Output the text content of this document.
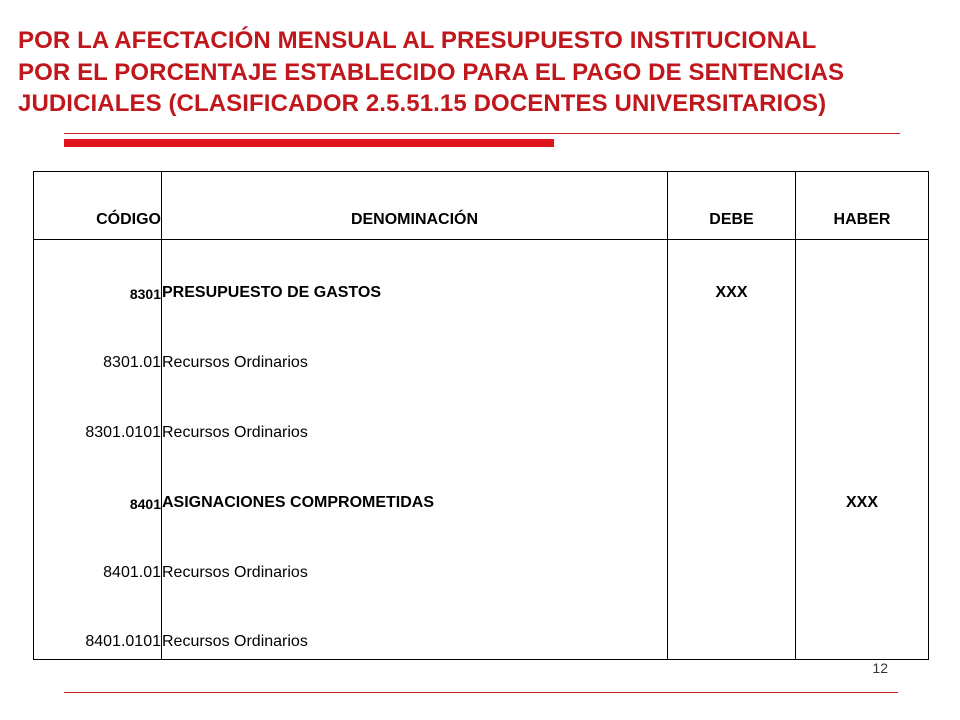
POR LA AFECTACIÓN MENSUAL AL PRESUPUESTO INSTITUCIONAL
POR EL PORCENTAJE ESTABLECIDO PARA EL PAGO DE SENTENCIAS
JUDICIALES (CLASIFICADOR 2.5.51.15 DOCENTES UNIVERSITARIOS)
CÓDIGO	DENOMINACIÓN	DEBE	HABER
8301	PRESUPUESTO DE GASTOS	XXX	
8301.01	Recursos Ordinarios		
8301.0101	Recursos Ordinarios		
8401	ASIGNACIONES COMPROMETIDAS		XXX
8401.01	Recursos Ordinarios		
8401.0101	Recursos Ordinarios		
12
